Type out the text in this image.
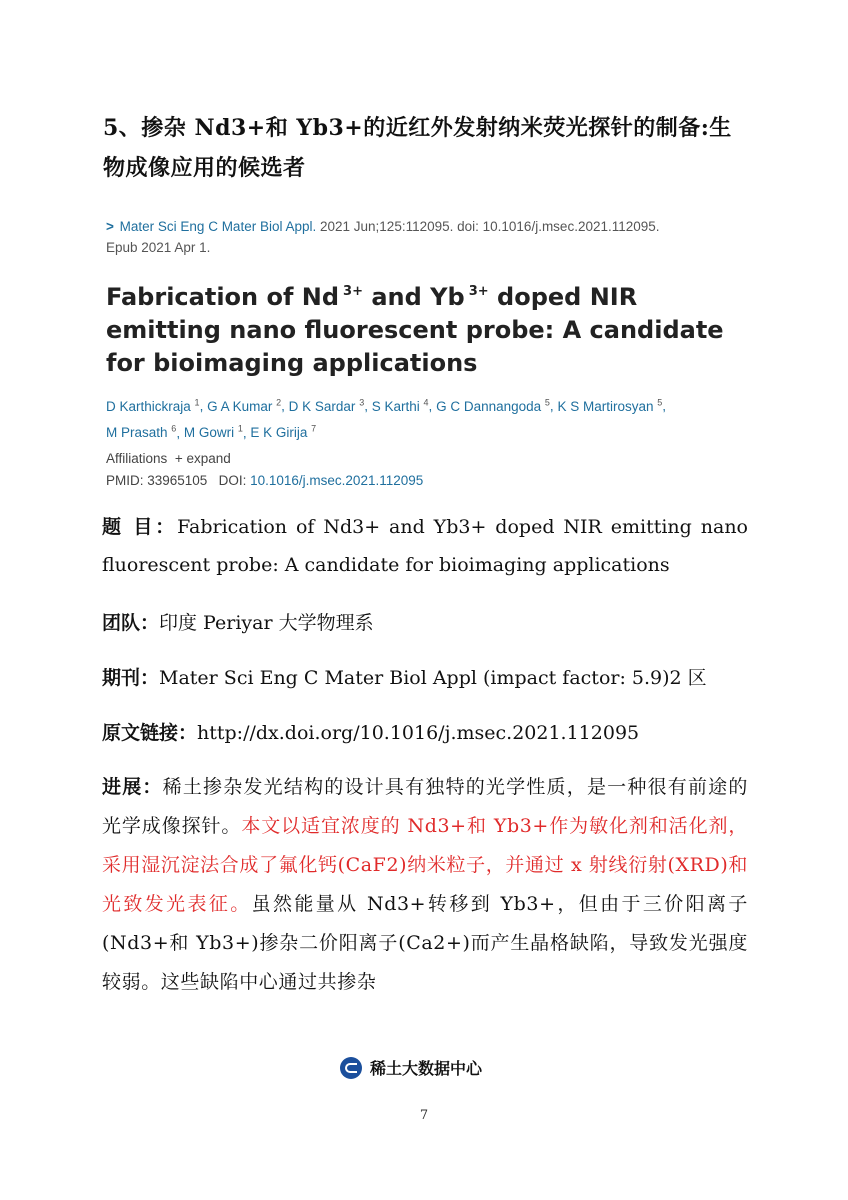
5、掺杂 Nd3+和 Yb3+的近红外发射纳米荧光探针的制备:生物成像应用的候选者
> Mater Sci Eng C Mater Biol Appl. 2021 Jun;125:112095. doi: 10.1016/j.msec.2021.112095.
Epub 2021 Apr 1.
Fabrication of Nd $^{3+}$ and Yb $^{3+}$ doped NIR emitting nano fluorescent probe: A candidate for bioimaging applications
D Karthickraja $^1$, G A Kumar $^2$, D K Sardar $^3$, S Karthi $^4$, G C Dannangoda $^5$, K S Martirosyan $^5$,
M Prasath $^6$, M Gowri $^1$, E K Girija $^7$
Affiliations + expand
PMID: 33965105 DOI: 10.1016/j.msec.2021.112095
题 目：Fabrication of Nd3+ and Yb3+ doped NIR emitting nano fluorescent probe: A candidate for bioimaging applications
团队：印度 Periyar 大学物理系
期刊：Mater Sci Eng C Mater Biol Appl (impact factor: 5.9)2 区
原文链接：http://dx.doi.org/10.1016/j.msec.2021.112095
进展：稀土掺杂发光结构的设计具有独特的光学性质，是一种很有前途的光学成像探针。本文以适宜浓度的 Nd3+和 Yb3+作为敏化剂和活化剂，采用湿沉淀法合成了氟化钙(CaF2)纳米粒子，并通过 x 射线衍射(XRD)和光致发光表征。虽然能量从 Nd3+转移到 Yb3+，但由于三价阳离子(Nd3+和 Yb3+)掺杂二价阳离子(Ca2+)而产生晶格缺陷，导致发光强度较弱。这些缺陷中心通过共掺杂
稀土大数据中心
7
